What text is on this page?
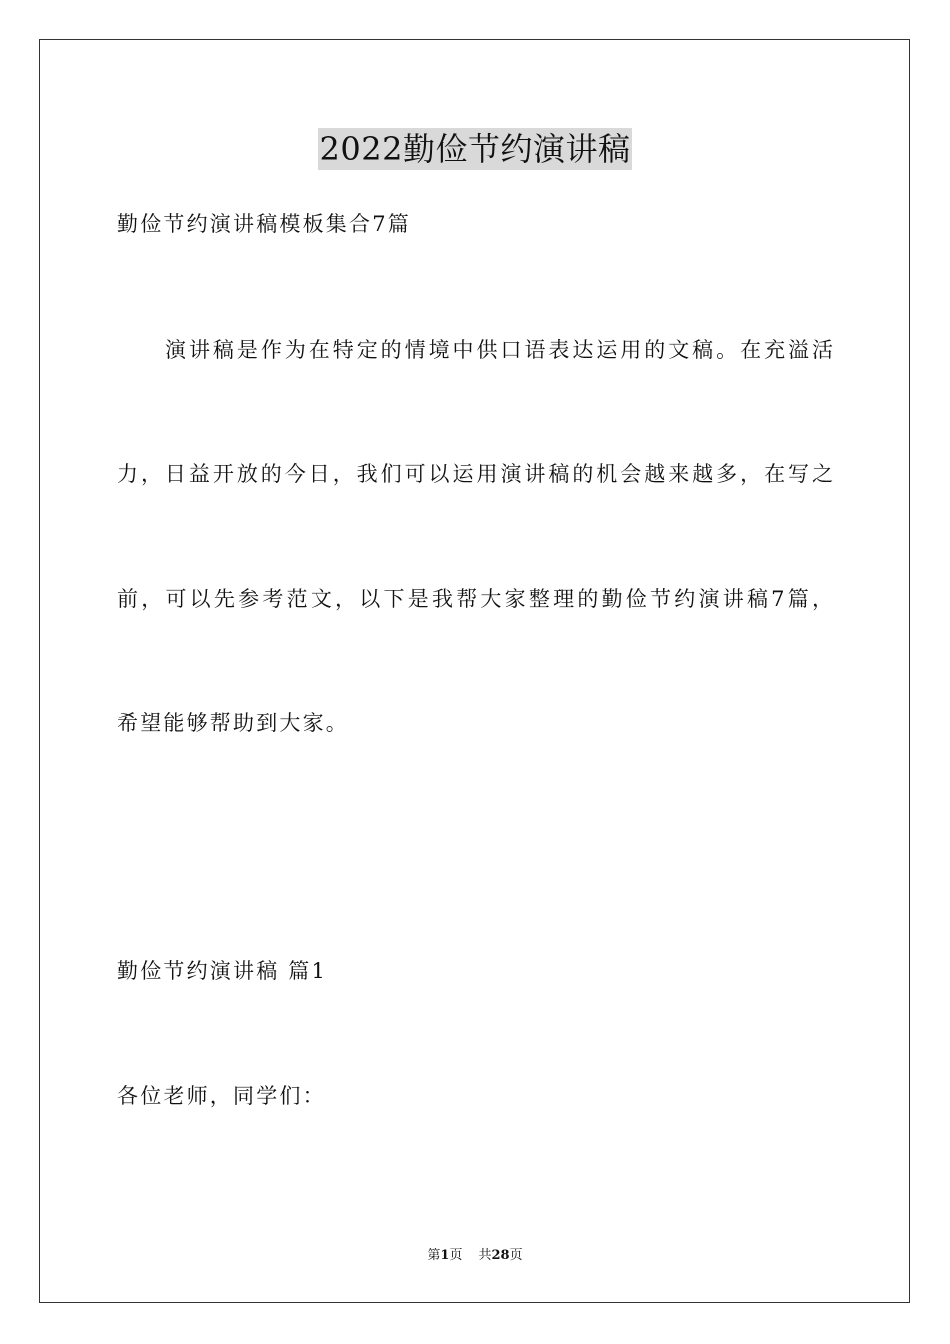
2022勤俭节约演讲稿
勤俭节约演讲稿模板集合7篇
演讲稿是作为在特定的情境中供口语表达运用的文稿。在充溢活
力，日益开放的今日，我们可以运用演讲稿的机会越来越多，在写之
前，可以先参考范文，以下是我帮大家整理的勤俭节约演讲稿7篇，
希望能够帮助到大家。
勤俭节约演讲稿 篇1
各位老师，同学们：
第1页 共28页
